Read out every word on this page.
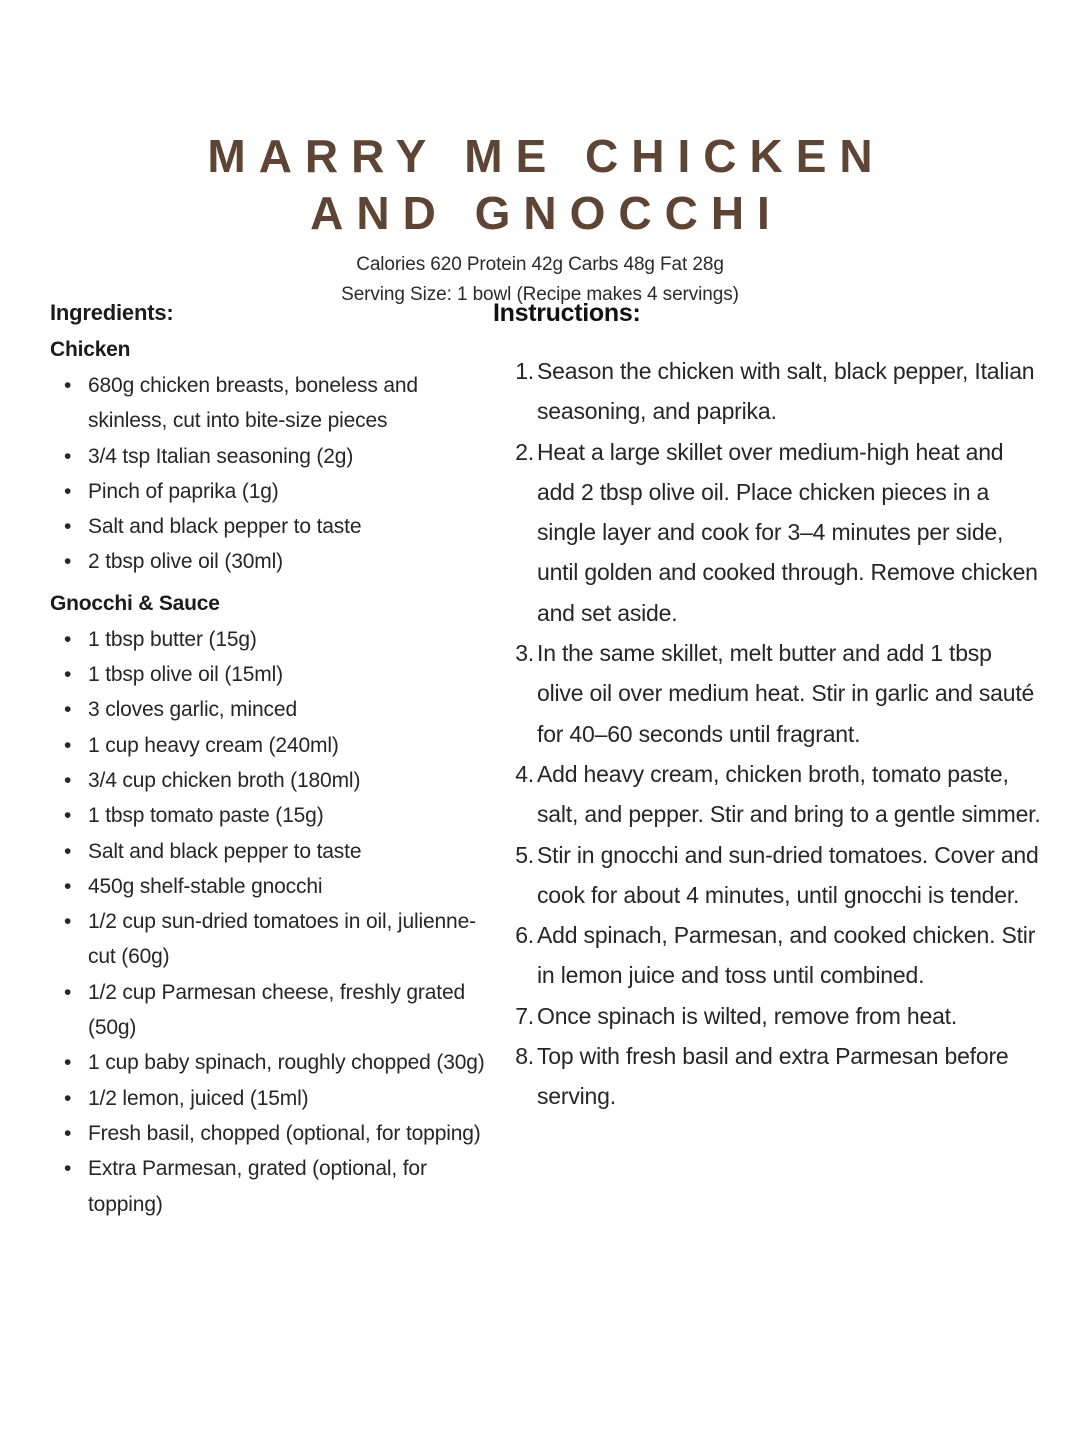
MARRY ME CHICKEN
AND GNOCCHI
Calories 620 Protein 42g Carbs 48g Fat 28g
Serving Size: 1 bowl (Recipe makes 4 servings)
Ingredients:
Chicken
• 680g chicken breasts, boneless and skinless, cut into bite-size pieces
• 3/4 tsp Italian seasoning (2g)
• Pinch of paprika (1g)
• Salt and black pepper to taste
• 2 tbsp olive oil (30ml)
Gnocchi & Sauce
• 1 tbsp butter (15g)
• 1 tbsp olive oil (15ml)
• 3 cloves garlic, minced
• 1 cup heavy cream (240ml)
• 3/4 cup chicken broth (180ml)
• 1 tbsp tomato paste (15g)
• Salt and black pepper to taste
• 450g shelf-stable gnocchi
• 1/2 cup sun-dried tomatoes in oil, julienne-cut (60g)
• 1/2 cup Parmesan cheese, freshly grated (50g)
• 1 cup baby spinach, roughly chopped (30g)
• 1/2 lemon, juiced (15ml)
• Fresh basil, chopped (optional, for topping)
• Extra Parmesan, grated (optional, for topping)
Instructions:
1. Season the chicken with salt, black pepper, Italian seasoning, and paprika.
2. Heat a large skillet over medium-high heat and add 2 tbsp olive oil. Place chicken pieces in a single layer and cook for 3–4 minutes per side, until golden and cooked through. Remove chicken and set aside.
3. In the same skillet, melt butter and add 1 tbsp olive oil over medium heat. Stir in garlic and sauté for 40–60 seconds until fragrant.
4. Add heavy cream, chicken broth, tomato paste, salt, and pepper. Stir and bring to a gentle simmer.
5. Stir in gnocchi and sun-dried tomatoes. Cover and cook for about 4 minutes, until gnocchi is tender.
6. Add spinach, Parmesan, and cooked chicken. Stir in lemon juice and toss until combined.
7. Once spinach is wilted, remove from heat.
8. Top with fresh basil and extra Parmesan before serving.
